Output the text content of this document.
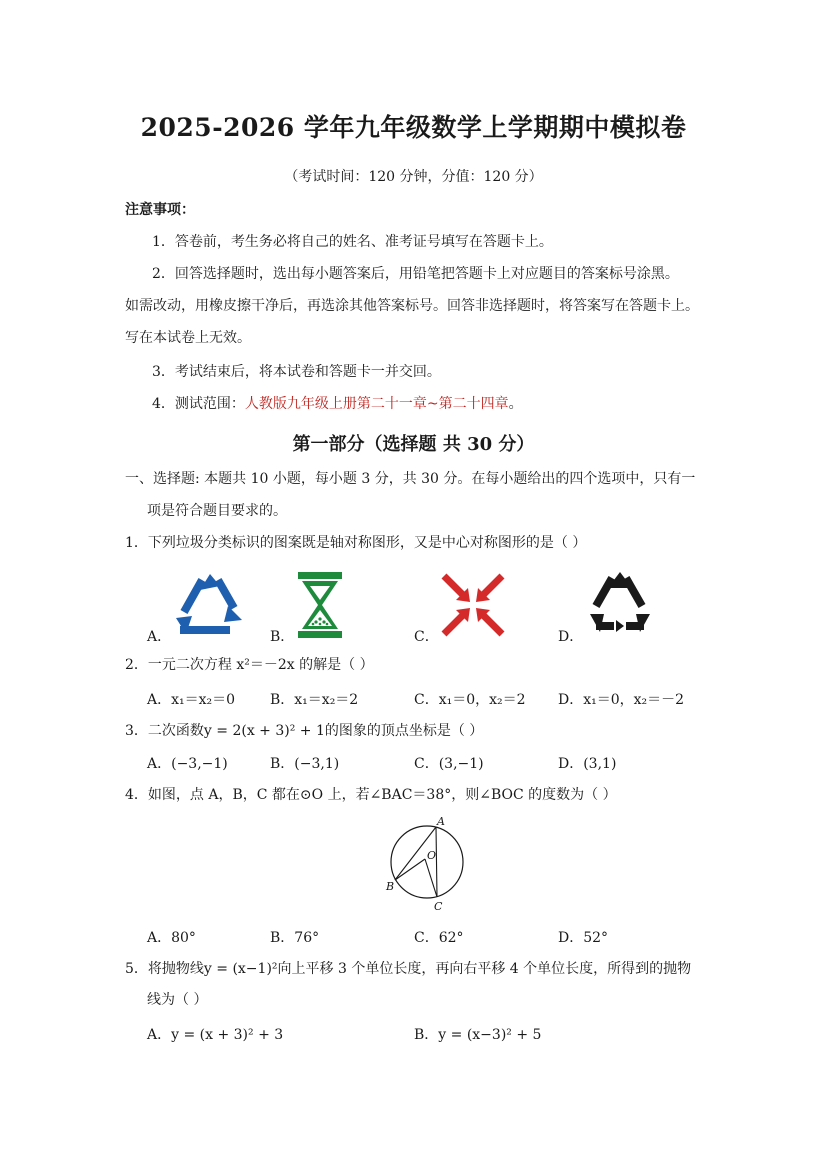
2025-2026 学年九年级数学上学期期中模拟卷
（考试时间：120 分钟，分值：120 分）
注意事项：
1．答卷前，考生务必将自己的姓名、准考证号填写在答题卡上。
2．回答选择题时，选出每小题答案后，用铅笔把答题卡上对应题目的答案标号涂黑。
如需改动，用橡皮擦干净后，再选涂其他答案标号。回答非选择题时，将答案写在答题卡上。
写在本试卷上无效。
3．考试结束后，将本试卷和答题卡一并交回。
4．测试范围：人教版九年级上册第二十一章~第二十四章。
第一部分（选择题 共 30 分）
一、选择题: 本题共 10 小题，每小题 3 分，共 30 分。在每小题给出的四个选项中，只有一
项是符合题目要求的。
1．下列垃圾分类标识的图案既是轴对称图形，又是中心对称图形的是（ ）
A．	B．	C．	D．
2．一元二次方程 x²＝－2x 的解是（ ）
A．x₁＝x₂＝0 B．x₁＝x₂＝2	C．x₁＝0，x₂＝2 D．x₁＝0，x₂＝－2
3．二次函数y = 2(x + 3)² + 1的图象的顶点坐标是（ ）
A．(−3,−1)	B．(−3,1)	C．(3,−1)	D．(3,1)
4．如图，点 A，B，C 都在⊙O 上，若∠BAC＝38°，则∠BOC 的度数为（ ）
A
B
C
O
A．80°	B．76°	C．62°	D．52°
5．将抛物线y = (x−1)²向上平移 3 个单位长度，再向右平移 4 个单位长度，所得到的抛物
线为（ ）
A．y = (x + 3)² + 3	B．y = (x−3)² + 5
